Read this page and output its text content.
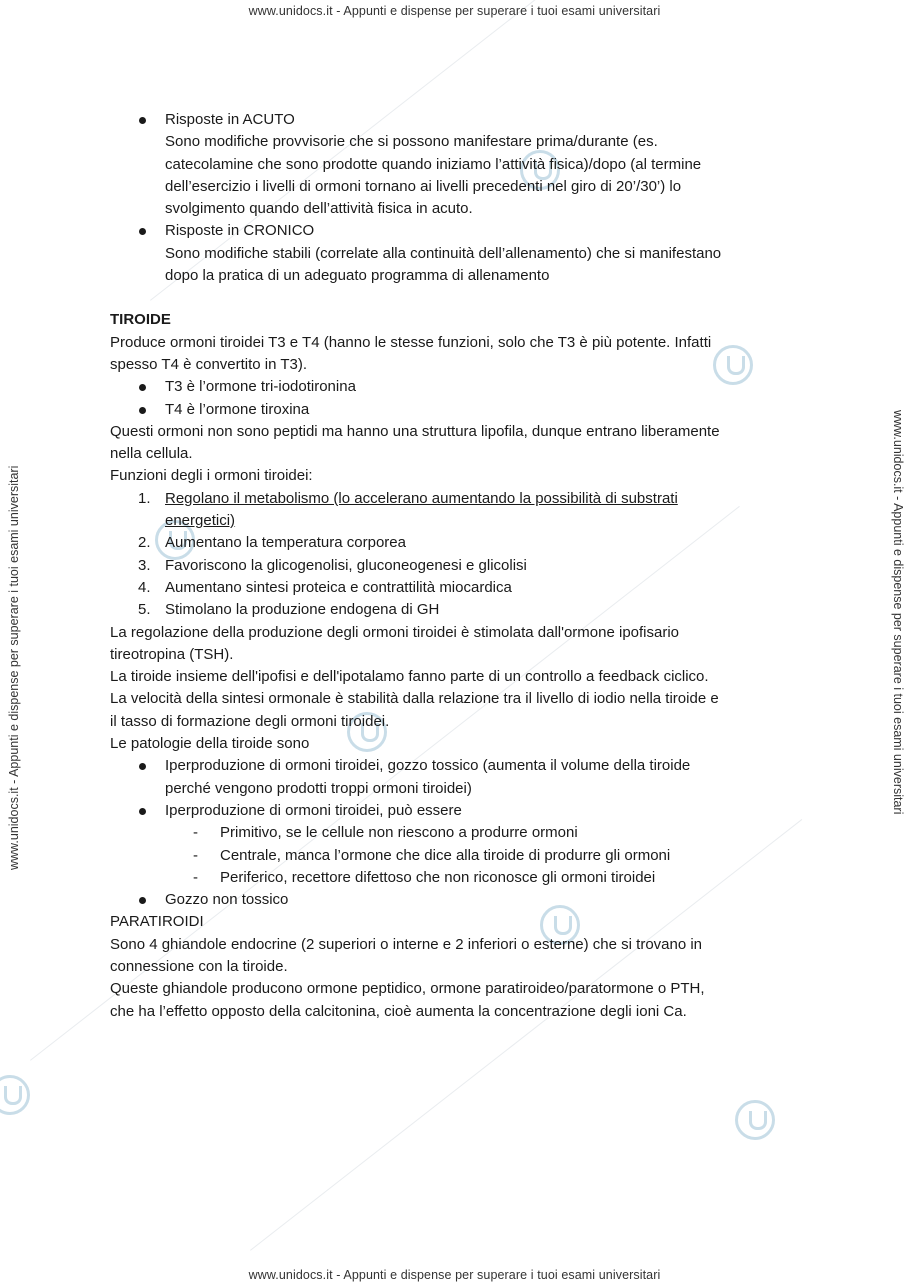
www.unidocs.it - Appunti e dispense per superare i tuoi esami universitari
www.unidocs.it - Appunti e dispense per superare i tuoi esami universitari
www.unidocs.it - Appunti e dispense per superare i tuoi esami universitari	www.unidocs.it - Appunti e dispense per superare i tuoi esami universitari
Risposte in ACUTO
Sono modifiche provvisorie che si possono manifestare prima/durante (es.
catecolamine che sono prodotte quando iniziamo l’attività fisica)/dopo (al termine
dell’esercizio i livelli di ormoni tornano ai livelli precedenti nel giro di 20’/30’) lo
svolgimento quando dell’attività fisica in acuto.
Risposte in CRONICO
Sono modifiche stabili (correlate alla continuità dell’allenamento) che si manifestano
dopo la pratica di un adeguato programma di allenamento
TIROIDE
Produce ormoni tiroidei T3 e T4 (hanno le stesse funzioni, solo che T3 è più potente. Infatti
spesso T4 è convertito in T3).
T3 è l’ormone tri-iodotironina
T4 è l’ormone tiroxina
Questi ormoni non sono peptidi ma hanno una struttura lipofila, dunque entrano liberamente
nella cellula.
Funzioni degli i ormoni tiroidei:
1. Regolano il metabolismo (lo accelerano aumentando la possibilità di substrati
energetici)
2. Aumentano la temperatura corporea
3. Favoriscono la glicogenolisi, gluconeogenesi e glicolisi
4. Aumentano sintesi proteica e contrattilità miocardica
5. Stimolano la produzione endogena di GH
La regolazione della produzione degli ormoni tiroidei è stimolata dall'ormone ipofisario
tireotropina (TSH).
La tiroide insieme dell'ipofisi e dell'ipotalamo fanno parte di un controllo a feedback ciclico.
La velocità della sintesi ormonale è stabilità dalla relazione tra il livello di iodio nella tiroide e
il tasso di formazione degli ormoni tiroidei.
Le patologie della tiroide sono
Iperproduzione di ormoni tiroidei, gozzo tossico (aumenta il volume della tiroide
perché vengono prodotti troppi ormoni tiroidei)
Iperproduzione di ormoni tiroidei, può essere
- Primitivo, se le cellule non riescono a produrre ormoni
- Centrale, manca l’ormone che dice alla tiroide di produrre gli ormoni
- Periferico, recettore difettoso che non riconosce gli ormoni tiroidei
Gozzo non tossico
PARATIROIDI
Sono 4 ghiandole endocrine (2 superiori o interne e 2 inferiori o esterne) che si trovano in
connessione con la tiroide.
Queste ghiandole producono ormone peptidico, ormone paratiroideo/paratormone o PTH,
che ha l’effetto opposto della calcitonina, cioè aumenta la concentrazione degli ioni Ca.
